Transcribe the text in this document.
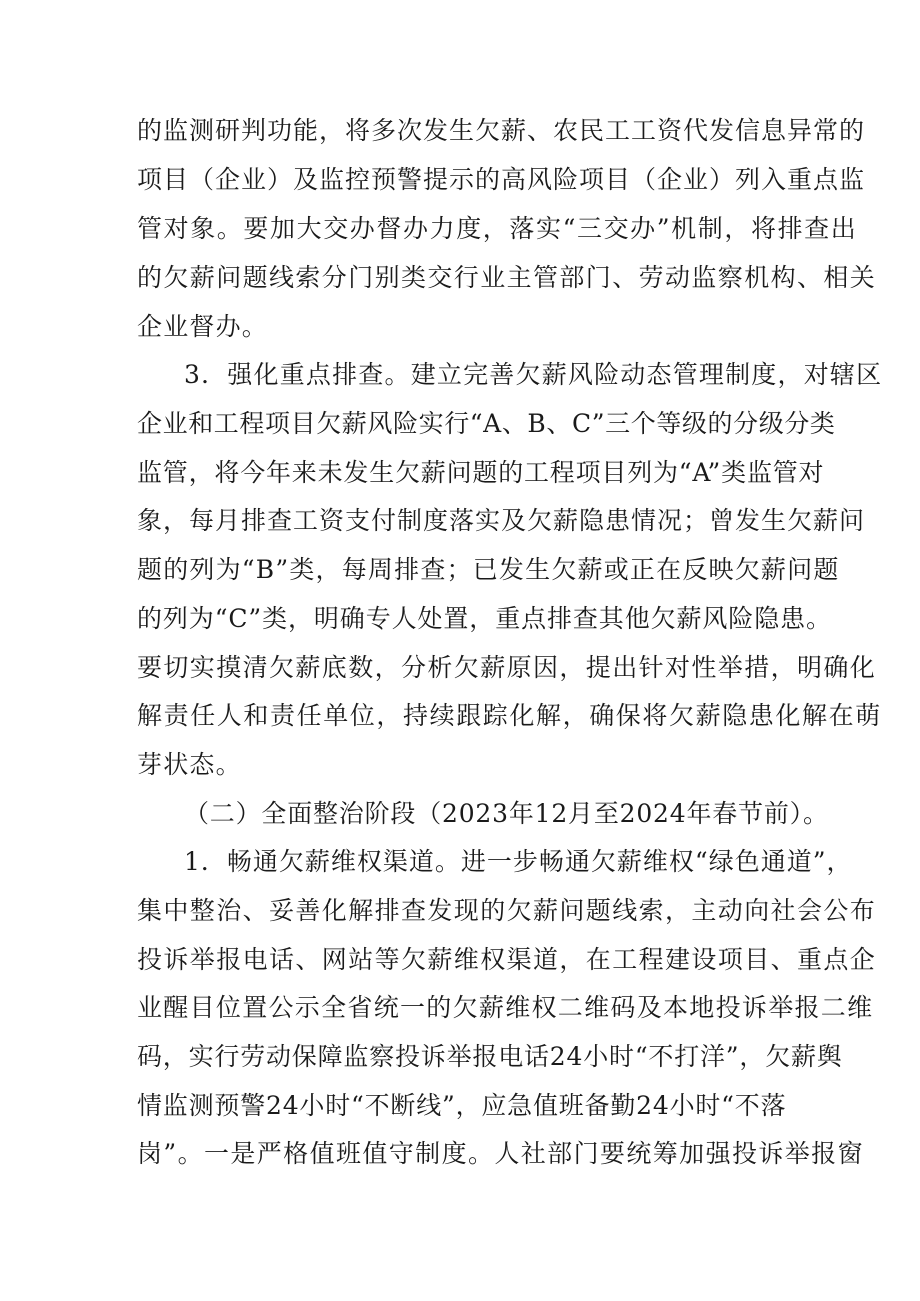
的监测研判功能，将多次发生欠薪、农民工工资代发信息异常的
项目（企业）及监控预警提示的高风险项目（企业）列入重点监
管对象。要加大交办督办力度，落实“三交办”机制，将排查出
的欠薪问题线索分门别类交行业主管部门、劳动监察机构、相关
企业督办。
3．强化重点排查。建立完善欠薪风险动态管理制度，对辖区
企业和工程项目欠薪风险实行“A、B、C”三个等级的分级分类
监管，将今年来未发生欠薪问题的工程项目列为“A”类监管对
象，每月排查工资支付制度落实及欠薪隐患情况；曾发生欠薪问
题的列为“B”类，每周排查；已发生欠薪或正在反映欠薪问题
的列为“C”类，明确专人处置，重点排查其他欠薪风险隐患。
要切实摸清欠薪底数，分析欠薪原因，提出针对性举措，明确化
解责任人和责任单位，持续跟踪化解，确保将欠薪隐患化解在萌
芽状态。
（二）全面整治阶段（2023年12月至2024年春节前）。
1．畅通欠薪维权渠道。进一步畅通欠薪维权“绿色通道”，
集中整治、妥善化解排查发现的欠薪问题线索，主动向社会公布
投诉举报电话、网站等欠薪维权渠道，在工程建设项目、重点企
业醒目位置公示全省统一的欠薪维权二维码及本地投诉举报二维
码，实行劳动保障监察投诉举报电话24小时“不打洋”，欠薪舆
情监测预警24小时“不断线”，应急值班备勤24小时“不落
岗”。一是严格值班值守制度。人社部门要统筹加强投诉举报窗
